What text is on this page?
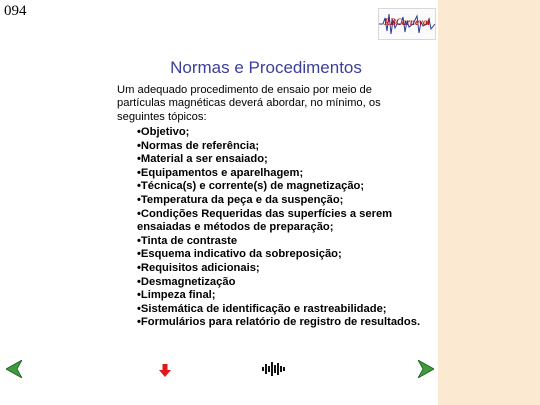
094
RBCarneval
Normas e Procedimentos
Um adequado procedimento de ensaio por meio de partículas magnéticas deverá abordar, no mínimo, os seguintes tópicos:
•Objetivo;
•Normas de referência;
•Material a ser ensaiado;
•Equipamentos e aparelhagem;
•Técnica(s) e corrente(s) de magnetização;
•Temperatura da peça e da suspenção;
•Condições Requeridas das superfícies a serem ensaiadas e métodos de preparação;
•Tinta de contraste
•Esquema indicativo da sobreposição;
•Requisitos adicionais;
•Desmagnetização
•Limpeza final;
•Sistemática de identificação e rastreabilidade;
•Formulários para relatório de registro de resultados.
